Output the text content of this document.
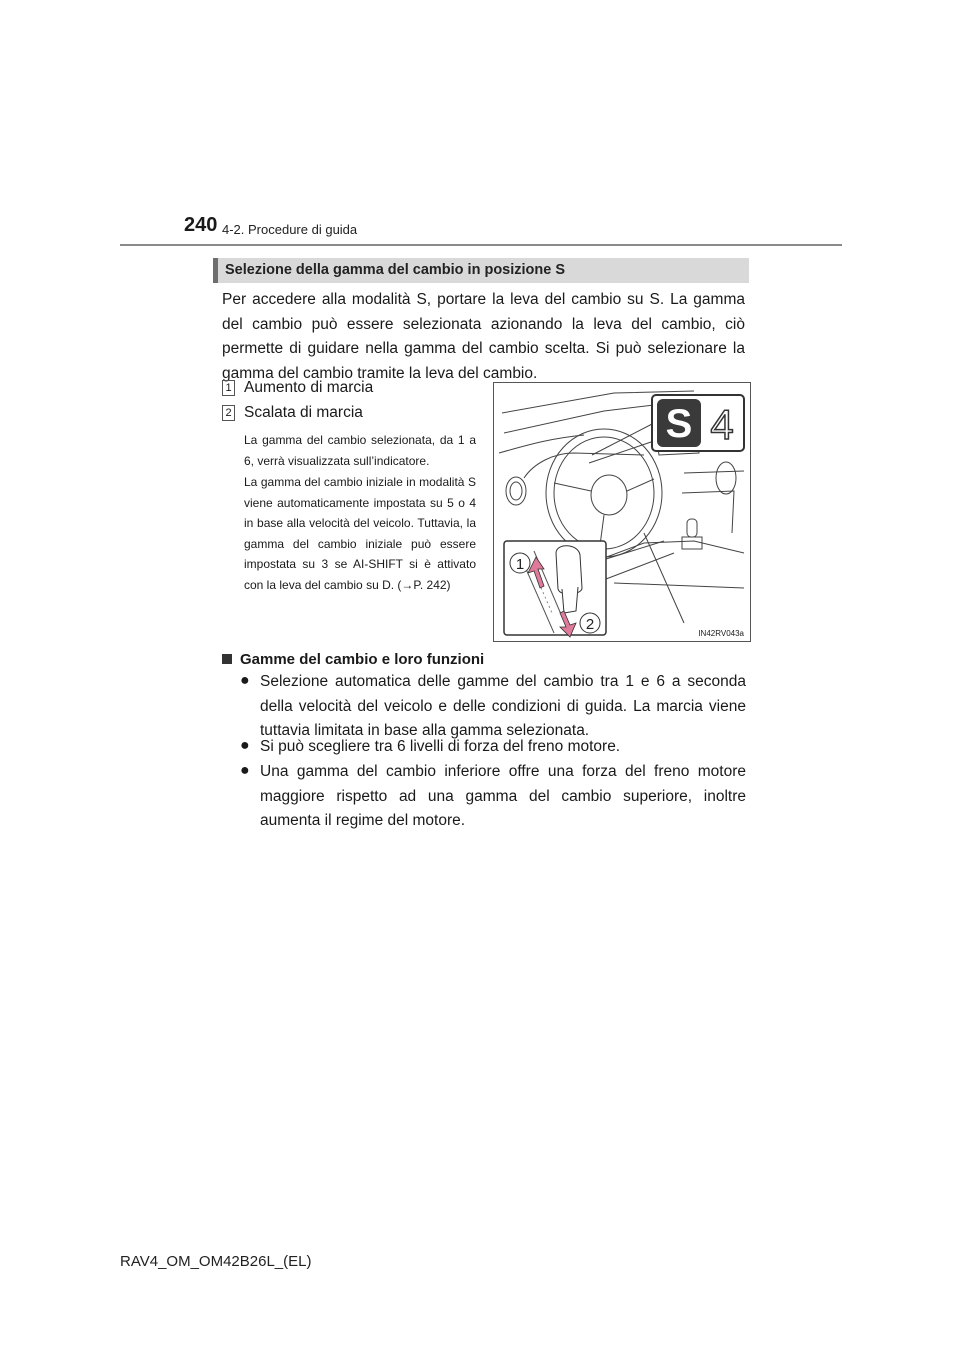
240 4-2. Procedure di guida
Selezione della gamma del cambio in posizione S
Per accedere alla modalità S, portare la leva del cambio su S. La gamma del cambio può essere selezionata azionando la leva del cambio, ciò permette di guidare nella gamma del cambio scelta. Si può selezionare la gamma del cambio tramite la leva del cambio.
1 Aumento di marcia
2 Scalata di marcia
La gamma del cambio selezionata, da 1 a 6, verrà visualizzata sull’indicatore.
La gamma del cambio iniziale in modalità S viene automaticamente impostata su 5 o 4 in base alla velocità del veicolo. Tuttavia, la gamma del cambio iniziale può essere impostata su 3 se AI-SHIFT si è attivato con la leva del cambio su D. (→P. 242)
S 4
1
2
IN42RV043a
Gamme del cambio e loro funzioni
● Selezione automatica delle gamme del cambio tra 1 e 6 a seconda della velocità del veicolo e delle condizioni di guida. La marcia viene tuttavia limitata in base alla gamma selezionata.
● Si può scegliere tra 6 livelli di forza del freno motore.
● Una gamma del cambio inferiore offre una forza del freno motore maggiore rispetto ad una gamma del cambio superiore, inoltre aumenta il regime del motore.
RAV4_OM_OM42B26L_(EL)
